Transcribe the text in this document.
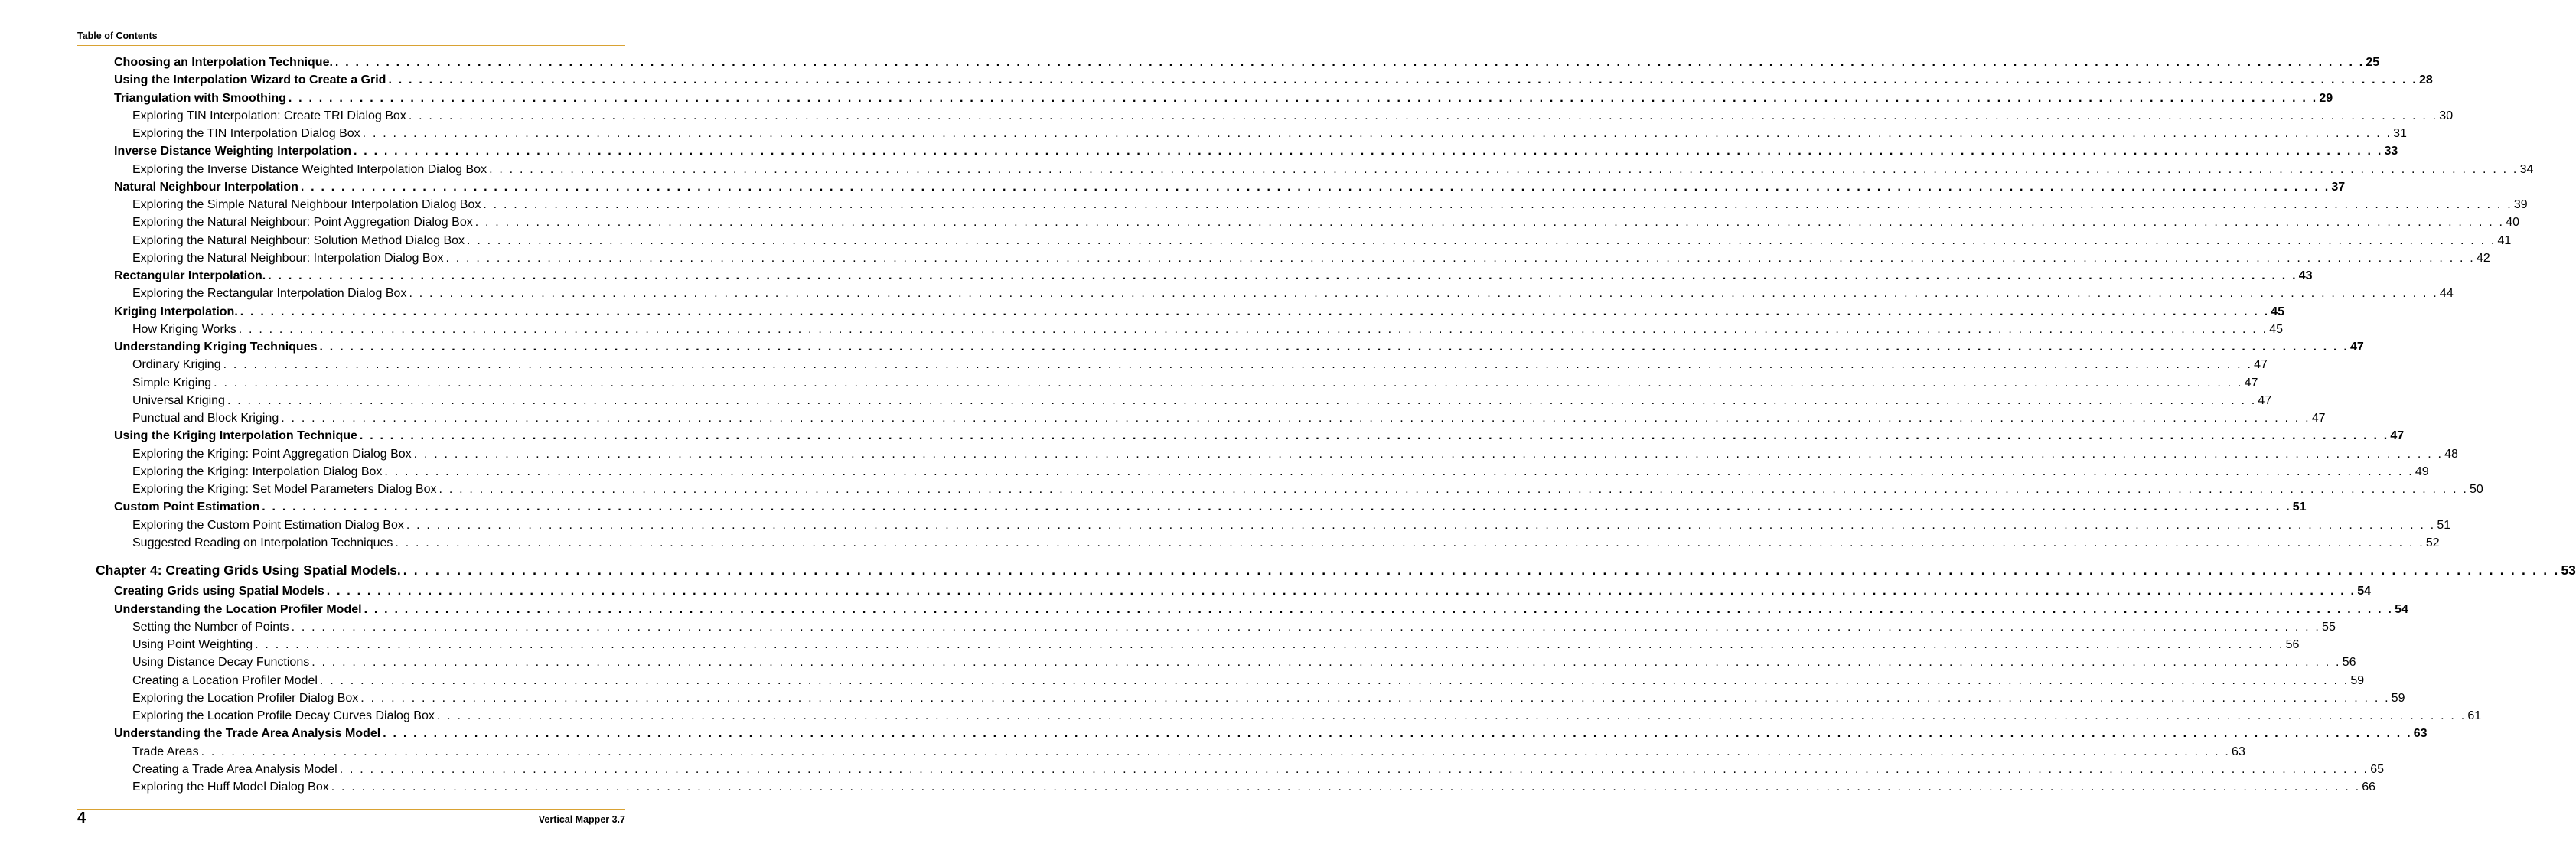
Table of Contents
Choosing an Interpolation Technique. . . . . . . . . . . . . . . . . . . . . . . . . . . . . . . . . . . . . . . . . . . . . . . . . . . . . . . . . . . . . . . . . . . . . . . . . . . . . . . . . . . . . . . . . . . . . . . . . . . . . . . . . . . . . . . . . . . . . . . . . . . . . . . . . . . . . . . . . . . . . . . . . . . . . . . . . . . . . . . . . . . . . . . . . . . . . . . . . . . . . . . . . . . . . . . . . . . . . . . . . 25
Using the Interpolation Wizard to Create a Grid . . . . . . . . . . . . . . . . . . . . . . . . . . . . . . . . . . . . . . . . . . . . . . . . . . . . . . . . . . . . . . . . . . . . . . . . . . . . . . . . . . . . . . . . . . . . . . . . . . . . . . . . . . . . . . . . . . . . . . . . . . . . . . . . . . . . . . . . . . . . . . . . . . . . . . . . . . . . . . . . . . . . . . . . . . . . . . . . . . . . . . . . . . . . . . . . . . . . . . . . 28
Triangulation with Smoothing . . . . . . . . . . . . . . . . . . . . . . . . . . . . . . . . . . . . . . . . . . . . . . . . . . . . . . . . . . . . . . . . . . . . . . . . . . . . . . . . . . . . . . . . . . . . . . . . . . . . . . . . . . . . . . . . . . . . . . . . . . . . . . . . . . . . . . . . . . . . . . . . . . . . . . . . . . . . . . . . . . . . . . . . . . . . . . . . . . . . . . . . . . . . . . . . . . . . . . . . 29
Exploring TIN Interpolation: Create TRI Dialog Box . . . . . . . . . . . . . . . . . . . . . . . . . . . . . . . . . . . . . . . . . . . . . . . . . . . . . . . . . . . . . . . . . . . . . . . . . . . . . . . . . . . . . . . . . . . . . . . . . . . . . . . . . . . . . . . . . . . . . . . . . . . . . . . . . . . . . . . . . . . . . . . . . . . . . . . . . . . . . . . . . . . . . . . . . . . . . . . . . . . . . . . . . . . . . . . . . . . . . . . . 30
Exploring the TIN Interpolation Dialog Box . . . . . . . . . . . . . . . . . . . . . . . . . . . . . . . . . . . . . . . . . . . . . . . . . . . . . . . . . . . . . . . . . . . . . . . . . . . . . . . . . . . . . . . . . . . . . . . . . . . . . . . . . . . . . . . . . . . . . . . . . . . . . . . . . . . . . . . . . . . . . . . . . . . . . . . . . . . . . . . . . . . . . . . . . . . . . . . . . . . . . . . . . . . . . . . . . . . . . . . . 31
Inverse Distance Weighting Interpolation . . . . . . . . . . . . . . . . . . . . . . . . . . . . . . . . . . . . . . . . . . . . . . . . . . . . . . . . . . . . . . . . . . . . . . . . . . . . . . . . . . . . . . . . . . . . . . . . . . . . . . . . . . . . . . . . . . . . . . . . . . . . . . . . . . . . . . . . . . . . . . . . . . . . . . . . . . . . . . . . . . . . . . . . . . . . . . . . . . . . . . . . . . . . . . . . . . . . . . . . 33
Exploring the Inverse Distance Weighted Interpolation Dialog Box . . . . . . . . . . . . . . . . . . . . . . . . . . . . . . . . . . . . . . . . . . . . . . . . . . . . . . . . . . . . . . . . . . . . . . . . . . . . . . . . . . . . . . . . . . . . . . . . . . . . . . . . . . . . . . . . . . . . . . . . . . . . . . . . . . . . . . . . . . . . . . . . . . . . . . . . . . . . . . . . . . . . . . . . . . . . . . . . . . . . . . . . . . . . . . . . . . . . . . . . 34
Natural Neighbour Interpolation . . . . . . . . . . . . . . . . . . . . . . . . . . . . . . . . . . . . . . . . . . . . . . . . . . . . . . . . . . . . . . . . . . . . . . . . . . . . . . . . . . . . . . . . . . . . . . . . . . . . . . . . . . . . . . . . . . . . . . . . . . . . . . . . . . . . . . . . . . . . . . . . . . . . . . . . . . . . . . . . . . . . . . . . . . . . . . . . . . . . . . . . . . . . . . . . . . . . . . . . 37
Exploring the Simple Natural Neighbour Interpolation Dialog Box . . . . . . . . . . . . . . . . . . . . . . . . . . . . . . . . . . . . . . . . . . . . . . . . . . . . . . . . . . . . . . . . . . . . . . . . . . . . . . . . . . . . . . . . . . . . . . . . . . . . . . . . . . . . . . . . . . . . . . . . . . . . . . . . . . . . . . . . . . . . . . . . . . . . . . . . . . . . . . . . . . . . . . . . . . . . . . . . . . . . . . . . . . . . . . . . . . . . . . . . 39
Exploring the Natural Neighbour: Point Aggregation Dialog Box . . . . . . . . . . . . . . . . . . . . . . . . . . . . . . . . . . . . . . . . . . . . . . . . . . . . . . . . . . . . . . . . . . . . . . . . . . . . . . . . . . . . . . . . . . . . . . . . . . . . . . . . . . . . . . . . . . . . . . . . . . . . . . . . . . . . . . . . . . . . . . . . . . . . . . . . . . . . . . . . . . . . . . . . . . . . . . . . . . . . . . . . . . . . . . . . . . . . . . . . 40
Exploring the Natural Neighbour: Solution Method Dialog Box . . . . . . . . . . . . . . . . . . . . . . . . . . . . . . . . . . . . . . . . . . . . . . . . . . . . . . . . . . . . . . . . . . . . . . . . . . . . . . . . . . . . . . . . . . . . . . . . . . . . . . . . . . . . . . . . . . . . . . . . . . . . . . . . . . . . . . . . . . . . . . . . . . . . . . . . . . . . . . . . . . . . . . . . . . . . . . . . . . . . . . . . . . . . . . . . . . . . . . . . 41
Exploring the Natural Neighbour: Interpolation Dialog Box . . . . . . . . . . . . . . . . . . . . . . . . . . . . . . . . . . . . . . . . . . . . . . . . . . . . . . . . . . . . . . . . . . . . . . . . . . . . . . . . . . . . . . . . . . . . . . . . . . . . . . . . . . . . . . . . . . . . . . . . . . . . . . . . . . . . . . . . . . . . . . . . . . . . . . . . . . . . . . . . . . . . . . . . . . . . . . . . . . . . . . . . . . . . . . . . . . . . . . . . 42
Rectangular Interpolation. . . . . . . . . . . . . . . . . . . . . . . . . . . . . . . . . . . . . . . . . . . . . . . . . . . . . . . . . . . . . . . . . . . . . . . . . . . . . . . . . . . . . . . . . . . . . . . . . . . . . . . . . . . . . . . . . . . . . . . . . . . . . . . . . . . . . . . . . . . . . . . . . . . . . . . . . . . . . . . . . . . . . . . . . . . . . . . . . . . . . . . . . . . . . . . . . . . . . . . . . 43
Exploring the Rectangular Interpolation Dialog Box . . . . . . . . . . . . . . . . . . . . . . . . . . . . . . . . . . . . . . . . . . . . . . . . . . . . . . . . . . . . . . . . . . . . . . . . . . . . . . . . . . . . . . . . . . . . . . . . . . . . . . . . . . . . . . . . . . . . . . . . . . . . . . . . . . . . . . . . . . . . . . . . . . . . . . . . . . . . . . . . . . . . . . . . . . . . . . . . . . . . . . . . . . . . . . . . . . . . . . . . 44
Kriging Interpolation. . . . . . . . . . . . . . . . . . . . . . . . . . . . . . . . . . . . . . . . . . . . . . . . . . . . . . . . . . . . . . . . . . . . . . . . . . . . . . . . . . . . . . . . . . . . . . . . . . . . . . . . . . . . . . . . . . . . . . . . . . . . . . . . . . . . . . . . . . . . . . . . . . . . . . . . . . . . . . . . . . . . . . . . . . . . . . . . . . . . . . . . . . . . . . . . . . . . . . . . . 45
How Kriging Works . . . . . . . . . . . . . . . . . . . . . . . . . . . . . . . . . . . . . . . . . . . . . . . . . . . . . . . . . . . . . . . . . . . . . . . . . . . . . . . . . . . . . . . . . . . . . . . . . . . . . . . . . . . . . . . . . . . . . . . . . . . . . . . . . . . . . . . . . . . . . . . . . . . . . . . . . . . . . . . . . . . . . . . . . . . . . . . . . . . . . . . . . . . . . . . . . . . . . . . . 45
Understanding Kriging Techniques . . . . . . . . . . . . . . . . . . . . . . . . . . . . . . . . . . . . . . . . . . . . . . . . . . . . . . . . . . . . . . . . . . . . . . . . . . . . . . . . . . . . . . . . . . . . . . . . . . . . . . . . . . . . . . . . . . . . . . . . . . . . . . . . . . . . . . . . . . . . . . . . . . . . . . . . . . . . . . . . . . . . . . . . . . . . . . . . . . . . . . . . . . . . . . . . . . . . . . . . 47
Ordinary Kriging . . . . . . . . . . . . . . . . . . . . . . . . . . . . . . . . . . . . . . . . . . . . . . . . . . . . . . . . . . . . . . . . . . . . . . . . . . . . . . . . . . . . . . . . . . . . . . . . . . . . . . . . . . . . . . . . . . . . . . . . . . . . . . . . . . . . . . . . . . . . . . . . . . . . . . . . . . . . . . . . . . . . . . . . . . . . . . . . . . . . . . . . . . . . . . . . . . . . . . . . 47
Simple Kriging . . . . . . . . . . . . . . . . . . . . . . . . . . . . . . . . . . . . . . . . . . . . . . . . . . . . . . . . . . . . . . . . . . . . . . . . . . . . . . . . . . . . . . . . . . . . . . . . . . . . . . . . . . . . . . . . . . . . . . . . . . . . . . . . . . . . . . . . . . . . . . . . . . . . . . . . . . . . . . . . . . . . . . . . . . . . . . . . . . . . . . . . . . . . . . . . . . . . . . . . 47
Universal Kriging . . . . . . . . . . . . . . . . . . . . . . . . . . . . . . . . . . . . . . . . . . . . . . . . . . . . . . . . . . . . . . . . . . . . . . . . . . . . . . . . . . . . . . . . . . . . . . . . . . . . . . . . . . . . . . . . . . . . . . . . . . . . . . . . . . . . . . . . . . . . . . . . . . . . . . . . . . . . . . . . . . . . . . . . . . . . . . . . . . . . . . . . . . . . . . . . . . . . . . . . 47
Punctual and Block Kriging . . . . . . . . . . . . . . . . . . . . . . . . . . . . . . . . . . . . . . . . . . . . . . . . . . . . . . . . . . . . . . . . . . . . . . . . . . . . . . . . . . . . . . . . . . . . . . . . . . . . . . . . . . . . . . . . . . . . . . . . . . . . . . . . . . . . . . . . . . . . . . . . . . . . . . . . . . . . . . . . . . . . . . . . . . . . . . . . . . . . . . . . . . . . . . . . . . . . . . . . 47
Using the Kriging Interpolation Technique . . . . . . . . . . . . . . . . . . . . . . . . . . . . . . . . . . . . . . . . . . . . . . . . . . . . . . . . . . . . . . . . . . . . . . . . . . . . . . . . . . . . . . . . . . . . . . . . . . . . . . . . . . . . . . . . . . . . . . . . . . . . . . . . . . . . . . . . . . . . . . . . . . . . . . . . . . . . . . . . . . . . . . . . . . . . . . . . . . . . . . . . . . . . . . . . . . . . . . . . 47
Exploring the Kriging: Point Aggregation Dialog Box . . . . . . . . . . . . . . . . . . . . . . . . . . . . . . . . . . . . . . . . . . . . . . . . . . . . . . . . . . . . . . . . . . . . . . . . . . . . . . . . . . . . . . . . . . . . . . . . . . . . . . . . . . . . . . . . . . . . . . . . . . . . . . . . . . . . . . . . . . . . . . . . . . . . . . . . . . . . . . . . . . . . . . . . . . . . . . . . . . . . . . . . . . . . . . . . . . . . . . . . 48
Exploring the Kriging: Interpolation Dialog Box . . . . . . . . . . . . . . . . . . . . . . . . . . . . . . . . . . . . . . . . . . . . . . . . . . . . . . . . . . . . . . . . . . . . . . . . . . . . . . . . . . . . . . . . . . . . . . . . . . . . . . . . . . . . . . . . . . . . . . . . . . . . . . . . . . . . . . . . . . . . . . . . . . . . . . . . . . . . . . . . . . . . . . . . . . . . . . . . . . . . . . . . . . . . . . . . . . . . . . . . 49
Exploring the Kriging: Set Model Parameters Dialog Box . . . . . . . . . . . . . . . . . . . . . . . . . . . . . . . . . . . . . . . . . . . . . . . . . . . . . . . . . . . . . . . . . . . . . . . . . . . . . . . . . . . . . . . . . . . . . . . . . . . . . . . . . . . . . . . . . . . . . . . . . . . . . . . . . . . . . . . . . . . . . . . . . . . . . . . . . . . . . . . . . . . . . . . . . . . . . . . . . . . . . . . . . . . . . . . . . . . . . . . . 50
Custom Point Estimation . . . . . . . . . . . . . . . . . . . . . . . . . . . . . . . . . . . . . . . . . . . . . . . . . . . . . . . . . . . . . . . . . . . . . . . . . . . . . . . . . . . . . . . . . . . . . . . . . . . . . . . . . . . . . . . . . . . . . . . . . . . . . . . . . . . . . . . . . . . . . . . . . . . . . . . . . . . . . . . . . . . . . . . . . . . . . . . . . . . . . . . . . . . . . . . . . . . . . . . . 51
Exploring the Custom Point Estimation Dialog Box . . . . . . . . . . . . . . . . . . . . . . . . . . . . . . . . . . . . . . . . . . . . . . . . . . . . . . . . . . . . . . . . . . . . . . . . . . . . . . . . . . . . . . . . . . . . . . . . . . . . . . . . . . . . . . . . . . . . . . . . . . . . . . . . . . . . . . . . . . . . . . . . . . . . . . . . . . . . . . . . . . . . . . . . . . . . . . . . . . . . . . . . . . . . . . . . . . . . . . . . 51
Suggested Reading on Interpolation Techniques . . . . . . . . . . . . . . . . . . . . . . . . . . . . . . . . . . . . . . . . . . . . . . . . . . . . . . . . . . . . . . . . . . . . . . . . . . . . . . . . . . . . . . . . . . . . . . . . . . . . . . . . . . . . . . . . . . . . . . . . . . . . . . . . . . . . . . . . . . . . . . . . . . . . . . . . . . . . . . . . . . . . . . . . . . . . . . . . . . . . . . . . . . . . . . . . . . . . . . . . 52
Chapter 4: Creating Grids Using Spatial Models. . . . . . . . . . . . . . . . . . . . . . . . . . . . . . . . . . . . . . . . . . . . . . . . . . . . . . . . . . . . . . . . . . . . . . . . . . . . . . . . . . . . . . . . . . . . . . . . . . . . . . . . . . . . . . . . . . . . . . . . . . . . . . . . . . . . . . . . . . . . . . . . . . . . . . . . . . . . . . . . . . . . . . . . . . . . . . . . . . . . . . . . . . . . . . . . . . . . . . . . . 53
Creating Grids using Spatial Models . . . . . . . . . . . . . . . . . . . . . . . . . . . . . . . . . . . . . . . . . . . . . . . . . . . . . . . . . . . . . . . . . . . . . . . . . . . . . . . . . . . . . . . . . . . . . . . . . . . . . . . . . . . . . . . . . . . . . . . . . . . . . . . . . . . . . . . . . . . . . . . . . . . . . . . . . . . . . . . . . . . . . . . . . . . . . . . . . . . . . . . . . . . . . . . . . . . . . . . . 54
Understanding the Location Profiler Model . . . . . . . . . . . . . . . . . . . . . . . . . . . . . . . . . . . . . . . . . . . . . . . . . . . . . . . . . . . . . . . . . . . . . . . . . . . . . . . . . . . . . . . . . . . . . . . . . . . . . . . . . . . . . . . . . . . . . . . . . . . . . . . . . . . . . . . . . . . . . . . . . . . . . . . . . . . . . . . . . . . . . . . . . . . . . . . . . . . . . . . . . . . . . . . . . . . . . . . . 54
Setting the Number of Points . . . . . . . . . . . . . . . . . . . . . . . . . . . . . . . . . . . . . . . . . . . . . . . . . . . . . . . . . . . . . . . . . . . . . . . . . . . . . . . . . . . . . . . . . . . . . . . . . . . . . . . . . . . . . . . . . . . . . . . . . . . . . . . . . . . . . . . . . . . . . . . . . . . . . . . . . . . . . . . . . . . . . . . . . . . . . . . . . . . . . . . . . . . . . . . . . . . . . . . . 55
Using Point Weighting . . . . . . . . . . . . . . . . . . . . . . . . . . . . . . . . . . . . . . . . . . . . . . . . . . . . . . . . . . . . . . . . . . . . . . . . . . . . . . . . . . . . . . . . . . . . . . . . . . . . . . . . . . . . . . . . . . . . . . . . . . . . . . . . . . . . . . . . . . . . . . . . . . . . . . . . . . . . . . . . . . . . . . . . . . . . . . . . . . . . . . . . . . . . . . . . . . . . . . . . 56
Using Distance Decay Functions . . . . . . . . . . . . . . . . . . . . . . . . . . . . . . . . . . . . . . . . . . . . . . . . . . . . . . . . . . . . . . . . . . . . . . . . . . . . . . . . . . . . . . . . . . . . . . . . . . . . . . . . . . . . . . . . . . . . . . . . . . . . . . . . . . . . . . . . . . . . . . . . . . . . . . . . . . . . . . . . . . . . . . . . . . . . . . . . . . . . . . . . . . . . . . . . . . . . . . . . 56
Creating a Location Profiler Model . . . . . . . . . . . . . . . . . . . . . . . . . . . . . . . . . . . . . . . . . . . . . . . . . . . . . . . . . . . . . . . . . . . . . . . . . . . . . . . . . . . . . . . . . . . . . . . . . . . . . . . . . . . . . . . . . . . . . . . . . . . . . . . . . . . . . . . . . . . . . . . . . . . . . . . . . . . . . . . . . . . . . . . . . . . . . . . . . . . . . . . . . . . . . . . . . . . . . . . . 59
Exploring the Location Profiler Dialog Box . . . . . . . . . . . . . . . . . . . . . . . . . . . . . . . . . . . . . . . . . . . . . . . . . . . . . . . . . . . . . . . . . . . . . . . . . . . . . . . . . . . . . . . . . . . . . . . . . . . . . . . . . . . . . . . . . . . . . . . . . . . . . . . . . . . . . . . . . . . . . . . . . . . . . . . . . . . . . . . . . . . . . . . . . . . . . . . . . . . . . . . . . . . . . . . . . . . . . . . . 59
Exploring the Location Profile Decay Curves Dialog Box . . . . . . . . . . . . . . . . . . . . . . . . . . . . . . . . . . . . . . . . . . . . . . . . . . . . . . . . . . . . . . . . . . . . . . . . . . . . . . . . . . . . . . . . . . . . . . . . . . . . . . . . . . . . . . . . . . . . . . . . . . . . . . . . . . . . . . . . . . . . . . . . . . . . . . . . . . . . . . . . . . . . . . . . . . . . . . . . . . . . . . . . . . . . . . . . . . . . . . . . 61
Understanding the Trade Area Analysis Model . . . . . . . . . . . . . . . . . . . . . . . . . . . . . . . . . . . . . . . . . . . . . . . . . . . . . . . . . . . . . . . . . . . . . . . . . . . . . . . . . . . . . . . . . . . . . . . . . . . . . . . . . . . . . . . . . . . . . . . . . . . . . . . . . . . . . . . . . . . . . . . . . . . . . . . . . . . . . . . . . . . . . . . . . . . . . . . . . . . . . . . . . . . . . . . . . . . . . . . . 63
Trade Areas . . . . . . . . . . . . . . . . . . . . . . . . . . . . . . . . . . . . . . . . . . . . . . . . . . . . . . . . . . . . . . . . . . . . . . . . . . . . . . . . . . . . . . . . . . . . . . . . . . . . . . . . . . . . . . . . . . . . . . . . . . . . . . . . . . . . . . . . . . . . . . . . . . . . . . . . . . . . . . . . . . . . . . . . . . . . . . . . . . . . . . . . . . . . . . . . . . . . . . . . 63
Creating a Trade Area Analysis Model . . . . . . . . . . . . . . . . . . . . . . . . . . . . . . . . . . . . . . . . . . . . . . . . . . . . . . . . . . . . . . . . . . . . . . . . . . . . . . . . . . . . . . . . . . . . . . . . . . . . . . . . . . . . . . . . . . . . . . . . . . . . . . . . . . . . . . . . . . . . . . . . . . . . . . . . . . . . . . . . . . . . . . . . . . . . . . . . . . . . . . . . . . . . . . . . . . . . . . . . 65
Exploring the Huff Model Dialog Box . . . . . . . . . . . . . . . . . . . . . . . . . . . . . . . . . . . . . . . . . . . . . . . . . . . . . . . . . . . . . . . . . . . . . . . . . . . . . . . . . . . . . . . . . . . . . . . . . . . . . . . . . . . . . . . . . . . . . . . . . . . . . . . . . . . . . . . . . . . . . . . . . . . . . . . . . . . . . . . . . . . . . . . . . . . . . . . . . . . . . . . . . . . . . . . . . . . . . . . . 66
4	Vertical Mapper 3.7
